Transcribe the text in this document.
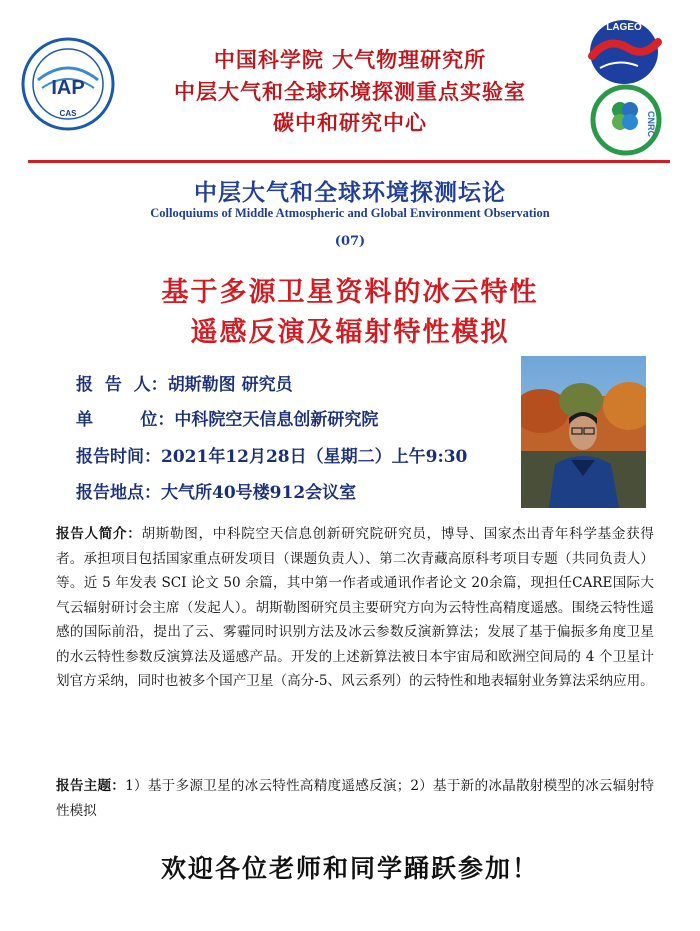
IAP
CAS
LAGEO
CNRC
中国科学院 大气物理研究所
中层大气和全球环境探测重点实验室
碳中和研究中心
中层大气和全球环境探测坛论
Colloquiums of Middle Atmospheric and Global Environment Observation
(07)
基于多源卫星资料的冰云特性
遥感反演及辐射特性模拟
报  告  人：胡斯勒图 研究员
单        位：中科院空天信息创新研究院
报告时间：2021年12月28日（星期二）上午9:30
报告地点：大气所40号楼912会议室
报告人简介：胡斯勒图，中科院空天信息创新研究院研究员，博导、国家杰出青年科学基金获得者。承担项目包括国家重点研发项目（课题负责人）、第二次青藏高原科考项目专题（共同负责人）等。近 5 年发表 SCI 论文 50 余篇，其中第一作者或通讯作者论文 20余篇，现担任CARE国际大气云辐射研讨会主席（发起人）。胡斯勒图研究员主要研究方向为云特性高精度遥感。围绕云特性遥感的国际前沿，提出了云、雾霾同时识别方法及冰云参数反演新算法；发展了基于偏振多角度卫星的水云特性参数反演算法及遥感产品。开发的上述新算法被日本宇宙局和欧洲空间局的 4 个卫星计划官方采纳，同时也被多个国产卫星（高分-5、风云系列）的云特性和地表辐射业务算法采纳应用。
报告主题：1）基于多源卫星的冰云特性高精度遥感反演；2）基于新的冰晶散射模型的冰云辐射特性模拟
欢迎各位老师和同学踊跃参加！
